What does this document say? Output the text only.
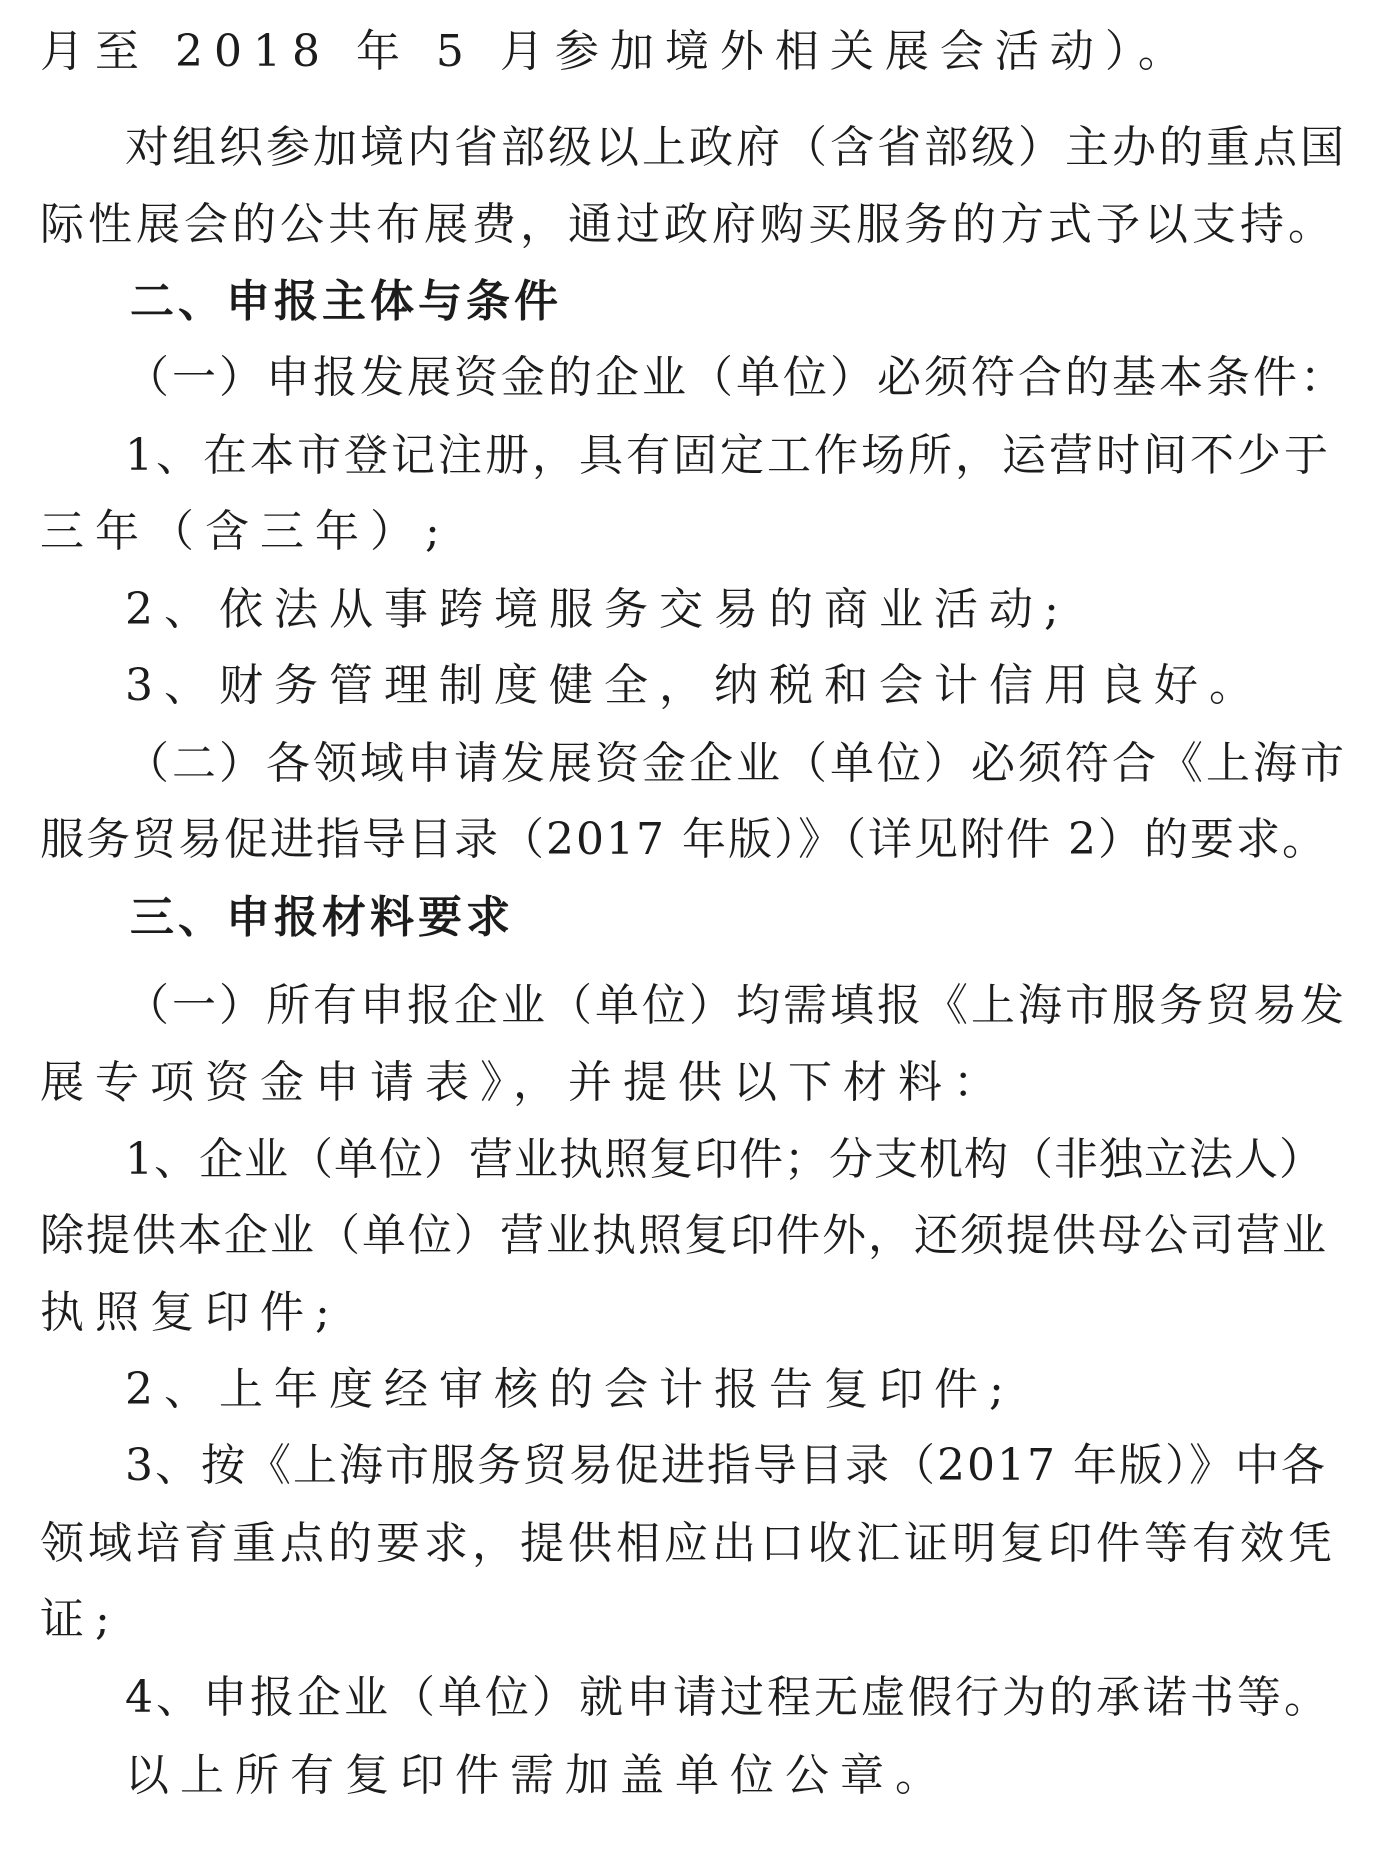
月至 2018 年 5 月参加境外相关展会活动）。
对组织参加境内省部级以上政府（含省部级）主办的重点国
际性展会的公共布展费，通过政府购买服务的方式予以支持。
二、申报主体与条件
（一）申报发展资金的企业（单位）必须符合的基本条件：
1、在本市登记注册，具有固定工作场所，运营时间不少于
三年（含三年）;
2、依法从事跨境服务交易的商业活动;
3、财务管理制度健全，纳税和会计信用良好。
（二）各领域申请发展资金企业（单位）必须符合《上海市
服务贸易促进指导目录（2017 年版）》（详见附件 2）的要求。
三、申报材料要求
（一）所有申报企业（单位）均需填报《上海市服务贸易发
展专项资金申请表》，并提供以下材料：
1、企业（单位）营业执照复印件；分支机构（非独立法人）
除提供本企业（单位）营业执照复印件外，还须提供母公司营业
执照复印件;
2、上年度经审核的会计报告复印件;
3、按《上海市服务贸易促进指导目录（2017 年版）》中各
领域培育重点的要求，提供相应出口收汇证明复印件等有效凭
证;
4、申报企业（单位）就申请过程无虚假行为的承诺书等。
以上所有复印件需加盖单位公章。
